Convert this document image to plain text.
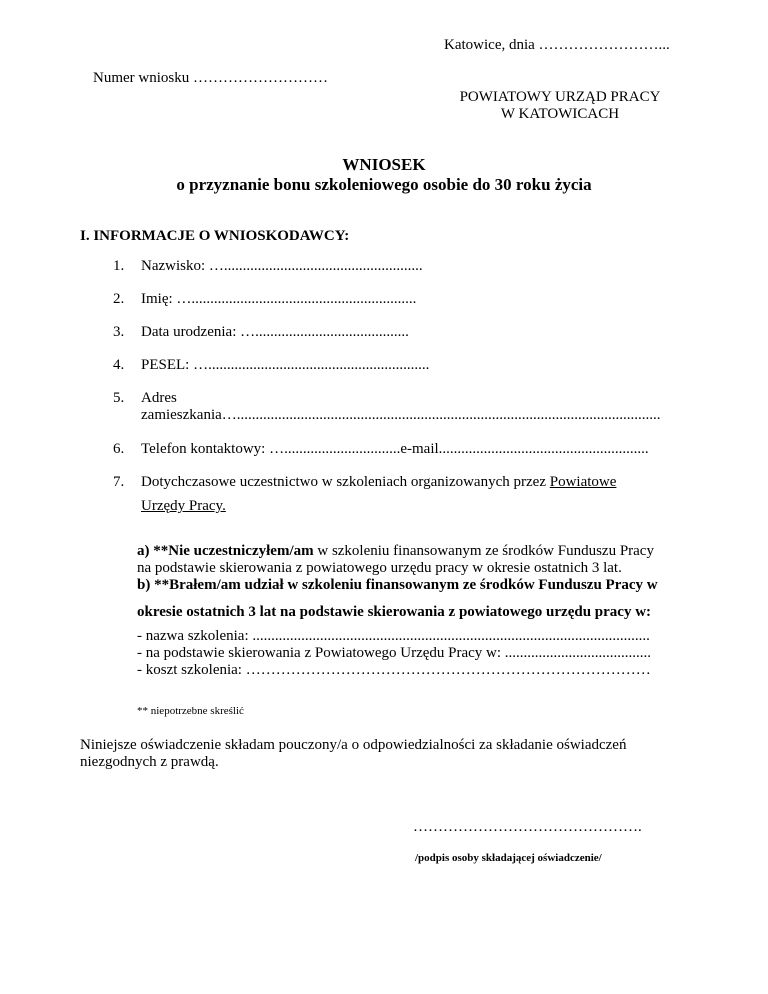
Katowice, dnia ……………………...
Numer wniosku ………………………
POWIATOWY URZĄD PRACY
W KATOWICACH
WNIOSEK
o przyznanie bonu szkoleniowego osobie do 30 roku życia
I. INFORMACJE O WNIOSKODAWCY:
1. Nazwisko: ….....................................................
2. Imię: …............................................................
3. Data urodzenia: ….........................................
4. PESEL: …...........................................................
5. Adres
zamieszkania….................................................................................................................
6. Telefon kontaktowy: …...............................e-mail........................................................
7. Dotychczasowe uczestnictwo w szkoleniach organizowanych przez Powiatowe
Urzędy Pracy.
a) **Nie uczestniczyłem/am w szkoleniu finansowanym ze środków Funduszu Pracy
na podstawie skierowania z powiatowego urzędu pracy w okresie ostatnich 3 lat.
b) **Brałem/am udział w szkoleniu finansowanym ze środków Funduszu Pracy w
okresie ostatnich 3 lat na podstawie skierowania z powiatowego urzędu pracy w:
- nazwa szkolenia: ..........................................................................................................
- na podstawie skierowania z Powiatowego Urzędu Pracy w: .......................................
- koszt szkolenia: ………………………………………………………………………
** niepotrzebne skreślić
Niniejsze oświadczenie składam pouczony/a o odpowiedzialności za składanie oświadczeń
niezgodnych z prawdą.
……………………………………….
/podpis osoby składającej oświadczenie/
